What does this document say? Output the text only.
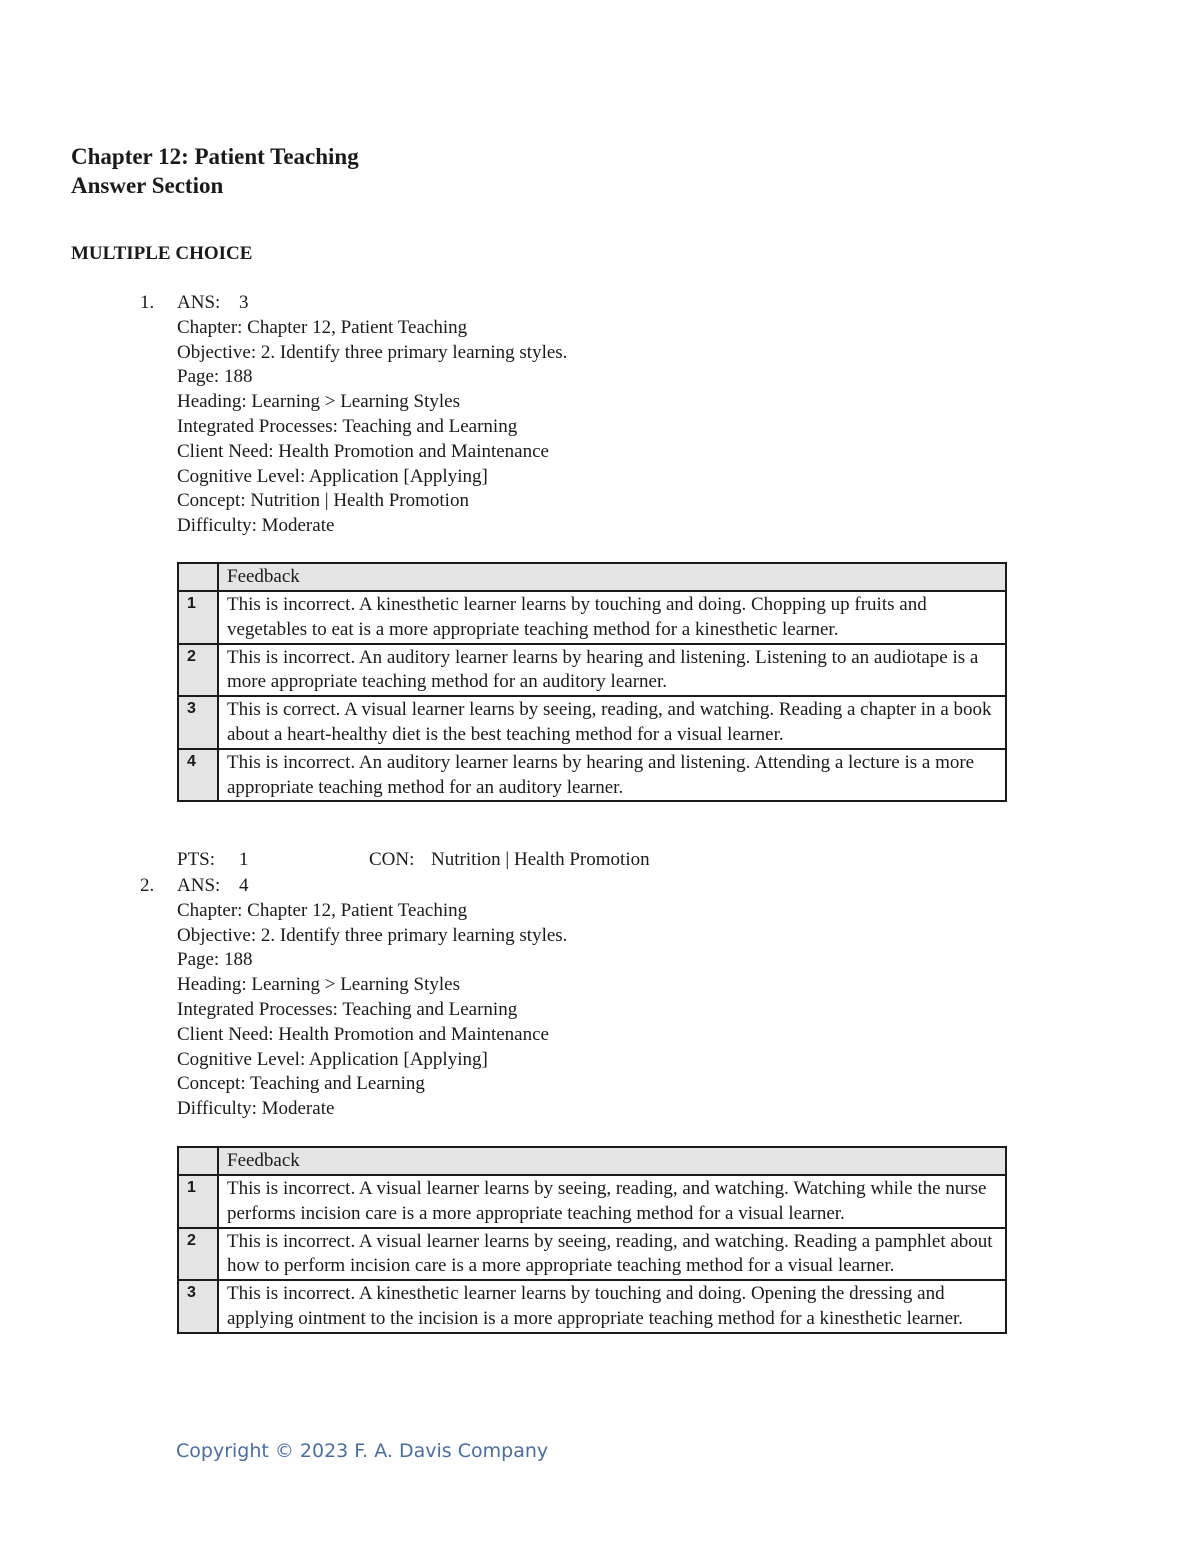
Chapter 12: Patient Teaching
Answer Section
MULTIPLE CHOICE
1.	ANS: 3
Chapter: Chapter 12, Patient Teaching
Objective: 2. Identify three primary learning styles.
Page: 188
Heading: Learning > Learning Styles
Integrated Processes: Teaching and Learning
Client Need: Health Promotion and Maintenance
Cognitive Level: Application [Applying]
Concept: Nutrition | Health Promotion
Difficulty: Moderate
	Feedback
1	This is incorrect. A kinesthetic learner learns by touching and doing. Chopping up fruits and vegetables to eat is a more appropriate teaching method for a kinesthetic learner.
2	This is incorrect. An auditory learner learns by hearing and listening. Listening to an audiotape is a more appropriate teaching method for an auditory learner.
3	This is correct. A visual learner learns by seeing, reading, and watching. Reading a chapter in a book about a heart-healthy diet is the best teaching method for a visual learner.
4	This is incorrect. An auditory learner learns by hearing and listening. Attending a lecture is a more appropriate teaching method for an auditory learner.
PTS:	1	CON: Nutrition | Health Promotion
2.	ANS: 4
Chapter: Chapter 12, Patient Teaching
Objective: 2. Identify three primary learning styles.
Page: 188
Heading: Learning > Learning Styles
Integrated Processes: Teaching and Learning
Client Need: Health Promotion and Maintenance
Cognitive Level: Application [Applying]
Concept: Teaching and Learning
Difficulty: Moderate
	Feedback
1	This is incorrect. A visual learner learns by seeing, reading, and watching. Watching while the nurse performs incision care is a more appropriate teaching method for a visual learner.
2	This is incorrect. A visual learner learns by seeing, reading, and watching. Reading a pamphlet about how to perform incision care is a more appropriate teaching method for a visual learner.
3	This is incorrect. A kinesthetic learner learns by touching and doing. Opening the dressing and applying ointment to the incision is a more appropriate teaching method for a kinesthetic learner.
Copyright © 2023 F. A. Davis Company
